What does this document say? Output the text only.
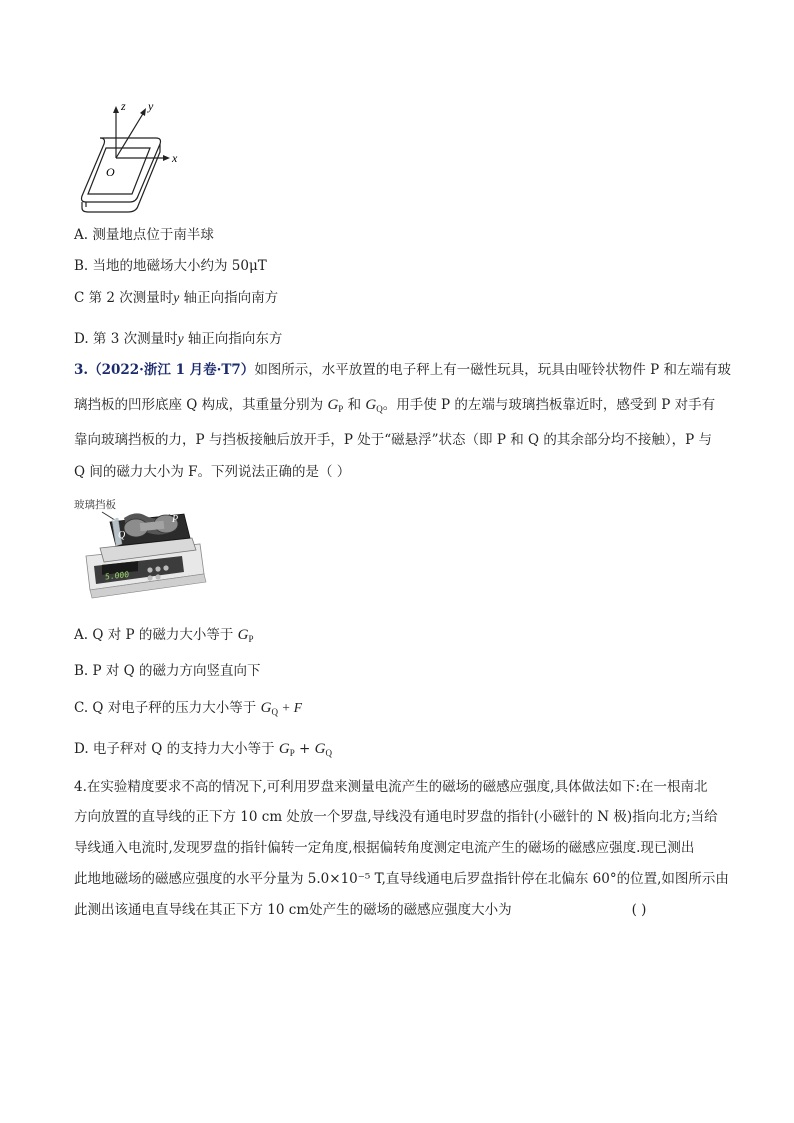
z y
x
O
A. 测量地点位于南半球
B. 当地的地磁场大小约为 50μT
C 第 2 次测量时y 轴正向指向南方
D. 第 3 次测量时y 轴正向指向东方
3.（2022·浙江 1 月卷·T7）如图所示，水平放置的电子秤上有一磁性玩具，玩具由哑铃状物件 P 和左端有玻
璃挡板的凹形底座 Q 构成，其重量分别为 $G_P$ 和 $G_Q$。用手使 P 的左端与玻璃挡板靠近时，感受到 P 对手有
靠向玻璃挡板的力，P 与挡板接触后放开手，P 处于“磁悬浮”状态（即 P 和 Q 的其余部分均不接触），P 与
Q 间的磁力大小为 F。下列说法正确的是（ ）
玻璃挡板
5.000
Q
P
A. Q 对 P 的磁力大小等于 $G_P$
B. P 对 Q 的磁力方向竖直向下
C. Q 对电子秤的压力大小等于 $G_Q + F$
D. 电子秤对 Q 的支持力大小等于 $G_P + G_Q$
4.在实验精度要求不高的情况下,可利用罗盘来测量电流产生的磁场的磁感应强度,具体做法如下:在一根南北
方向放置的直导线的正下方 10 cm 处放一个罗盘,导线没有通电时罗盘的指针(小磁针的 N 极)指向北方;当给
导线通入电流时,发现罗盘的指针偏转一定角度,根据偏转角度测定电流产生的磁场的磁感应强度.现已测出
此地地磁场的磁感应强度的水平分量为 5.0×10⁻⁵ T,直导线通电后罗盘指针停在北偏东 60°的位置,如图所示由
此测出该通电直导线在其正下方 10 cm处产生的磁场的磁感应强度大小为	( )
